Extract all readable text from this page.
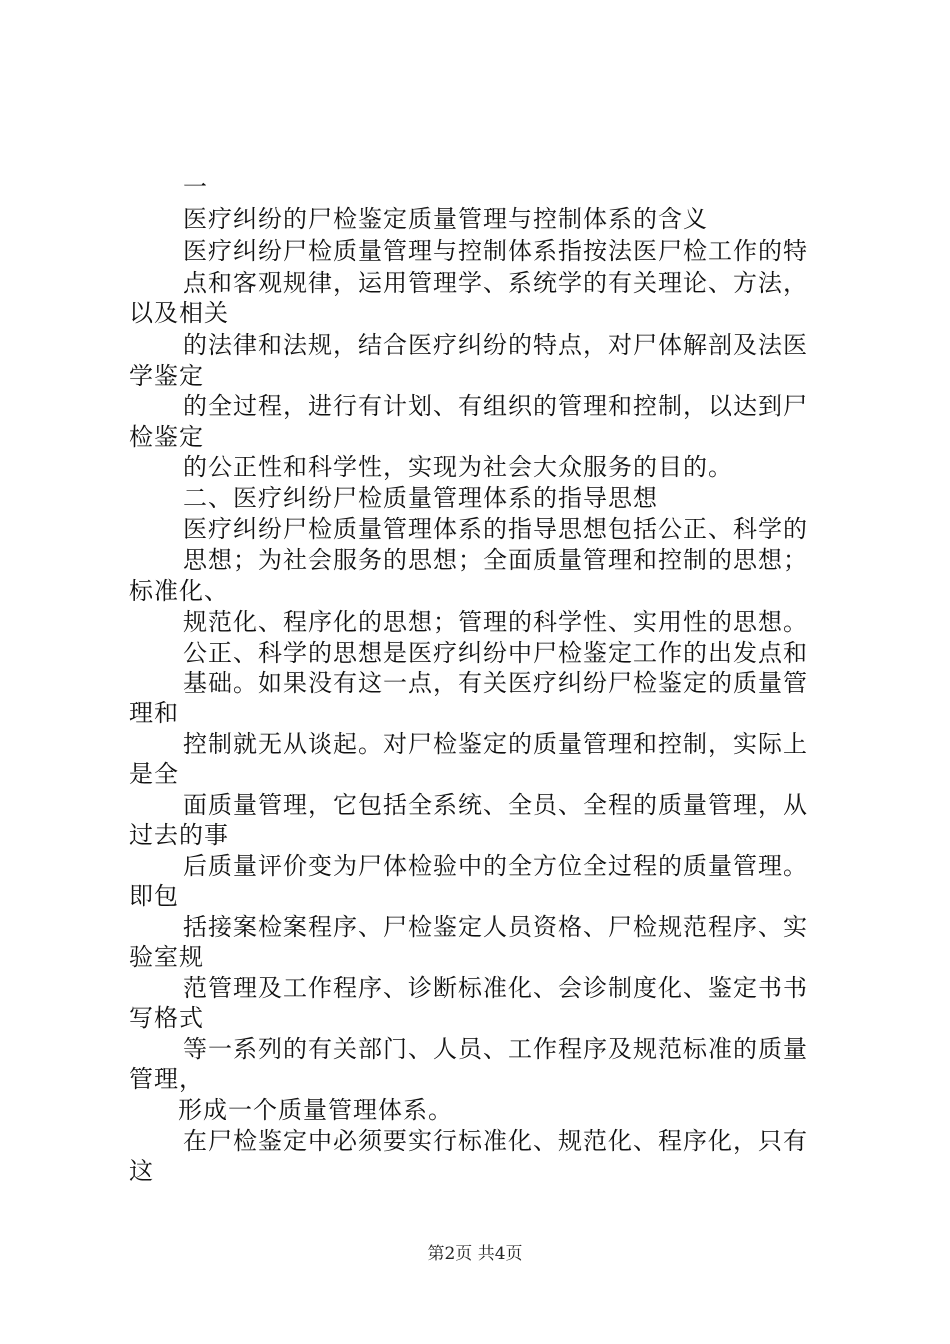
一
医疗纠纷的尸检鉴定质量管理与控制体系的含义
医疗纠纷尸检质量管理与控制体系指按法医尸检工作的特
点和客观规律，运用管理学、系统学的有关理论、方法，
以及相关
的法律和法规，结合医疗纠纷的特点，对尸体解剖及法医
学鉴定
的全过程，进行有计划、有组织的管理和控制，以达到尸
检鉴定
的公正性和科学性，实现为社会大众服务的目的。
二、医疗纠纷尸检质量管理体系的指导思想
医疗纠纷尸检质量管理体系的指导思想包括公正、科学的
思想；为社会服务的思想；全面质量管理和控制的思想；
标准化、
规范化、程序化的思想；管理的科学性、实用性的思想。
公正、科学的思想是医疗纠纷中尸检鉴定工作的出发点和
基础。如果没有这一点，有关医疗纠纷尸检鉴定的质量管
理和
控制就无从谈起。对尸检鉴定的质量管理和控制，实际上
是全
面质量管理，它包括全系统、全员、全程的质量管理，从
过去的事
后质量评价变为尸体检验中的全方位全过程的质量管理。
即包
括接案检案程序、尸检鉴定人员资格、尸检规范程序、实
验室规
范管理及工作程序、诊断标准化、会诊制度化、鉴定书书
写格式
等一系列的有关部门、人员、工作程序及规范标准的质量
管理，
形成一个质量管理体系。
在尸检鉴定中必须要实行标准化、规范化、程序化，只有
这
第2页 共4页
